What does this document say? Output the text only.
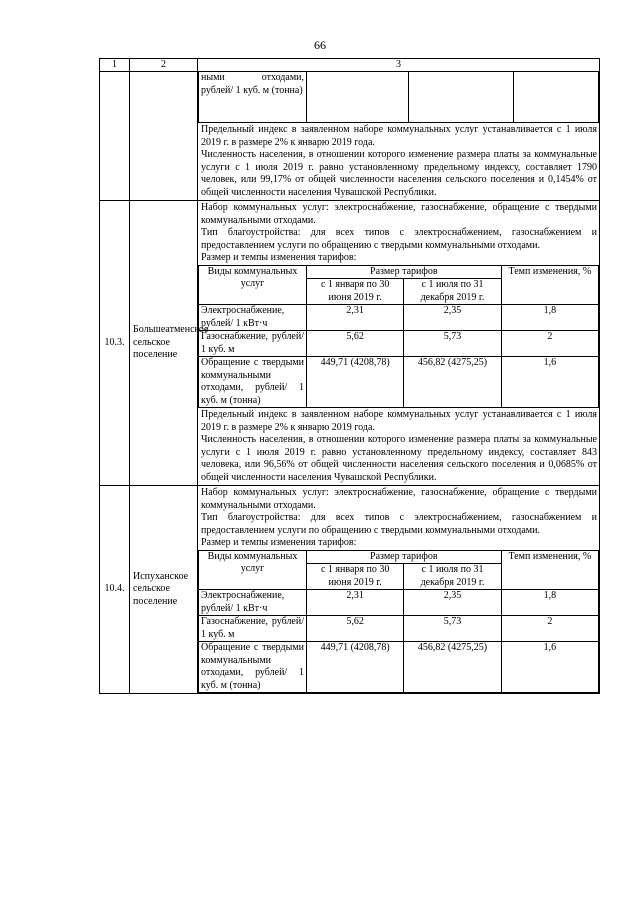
66
1	2	3

ными отходами, рублей/ 1 куб. м (тонна)			

Предельный индекс в заявленном наборе коммунальных услуг устанавливается с 1 июля 2019 г. в размере 2% к январю 2019 года.

Численность населения, в отношении которого изменение размера платы за коммунальные услуги с 1 июля 2019 г. равно установленному предельному индексу, составляет 1790 человек, или 99,17% от общей численности населения сельского поселения и 0,1454% от общей численности населения Чувашской Республики.

10.3.	Большеатменское сельское поселение	

Набор коммунальных услуг: электроснабжение, газоснабжение, обращение с твердыми коммунальными отходами.

Тип благоустройства: для всех типов с электроснабжением, газоснабжением и предоставлением услуги по обращению с твердыми коммунальными отходами.

Размер и темпы изменения тарифов:

Виды коммунальных услуг	Размер тарифов	Темп изменения, %
с 1 января по 30 июня 2019 г.	с 1 июля по 31 декабря 2019 г.
Электроснабжение, рублей/ 1 кВт·ч	2,31	2,35	1,8
Газоснабжение, рублей/ 1 куб. м	5,62	5,73	2
Обращение с твердыми коммунальными отходами, рублей/ 1 куб. м (тонна)	449,71 (4208,78)	456,82 (4275,25)	1,6

Предельный индекс в заявленном наборе коммунальных услуг устанавливается с 1 июля 2019 г. в размере 2% к январю 2019 года.

Численность населения, в отношении которого изменение размера платы за коммунальные услуги с 1 июля 2019 г. равно установленному предельному индексу, составляет 843 человека, или 96,56% от общей численности населения сельского поселения и 0,0685% от общей численности населения Чувашской Республики.

10.4.	Испуханское сельское поселение	

Набор коммунальных услуг: электроснабжение, газоснабжение, обращение с твердыми коммунальными отходами.

Тип благоустройства: для всех типов с электроснабжением, газоснабжением и предоставлением услуги по обращению с твердыми коммунальными отходами.

Размер и темпы изменения тарифов:

Виды коммунальных услуг	Размер тарифов	Темп изменения, %
с 1 января по 30 июня 2019 г.	с 1 июля по 31 декабря 2019 г.
Электроснабжение, рублей/ 1 кВт·ч	2,31	2,35	1,8
Газоснабжение, рублей/ 1 куб. м	5,62	5,73	2
Обращение с твердыми коммунальными отходами, рублей/ 1 куб. м (тонна)	449,71 (4208,78)	456,82 (4275,25)	1,6
